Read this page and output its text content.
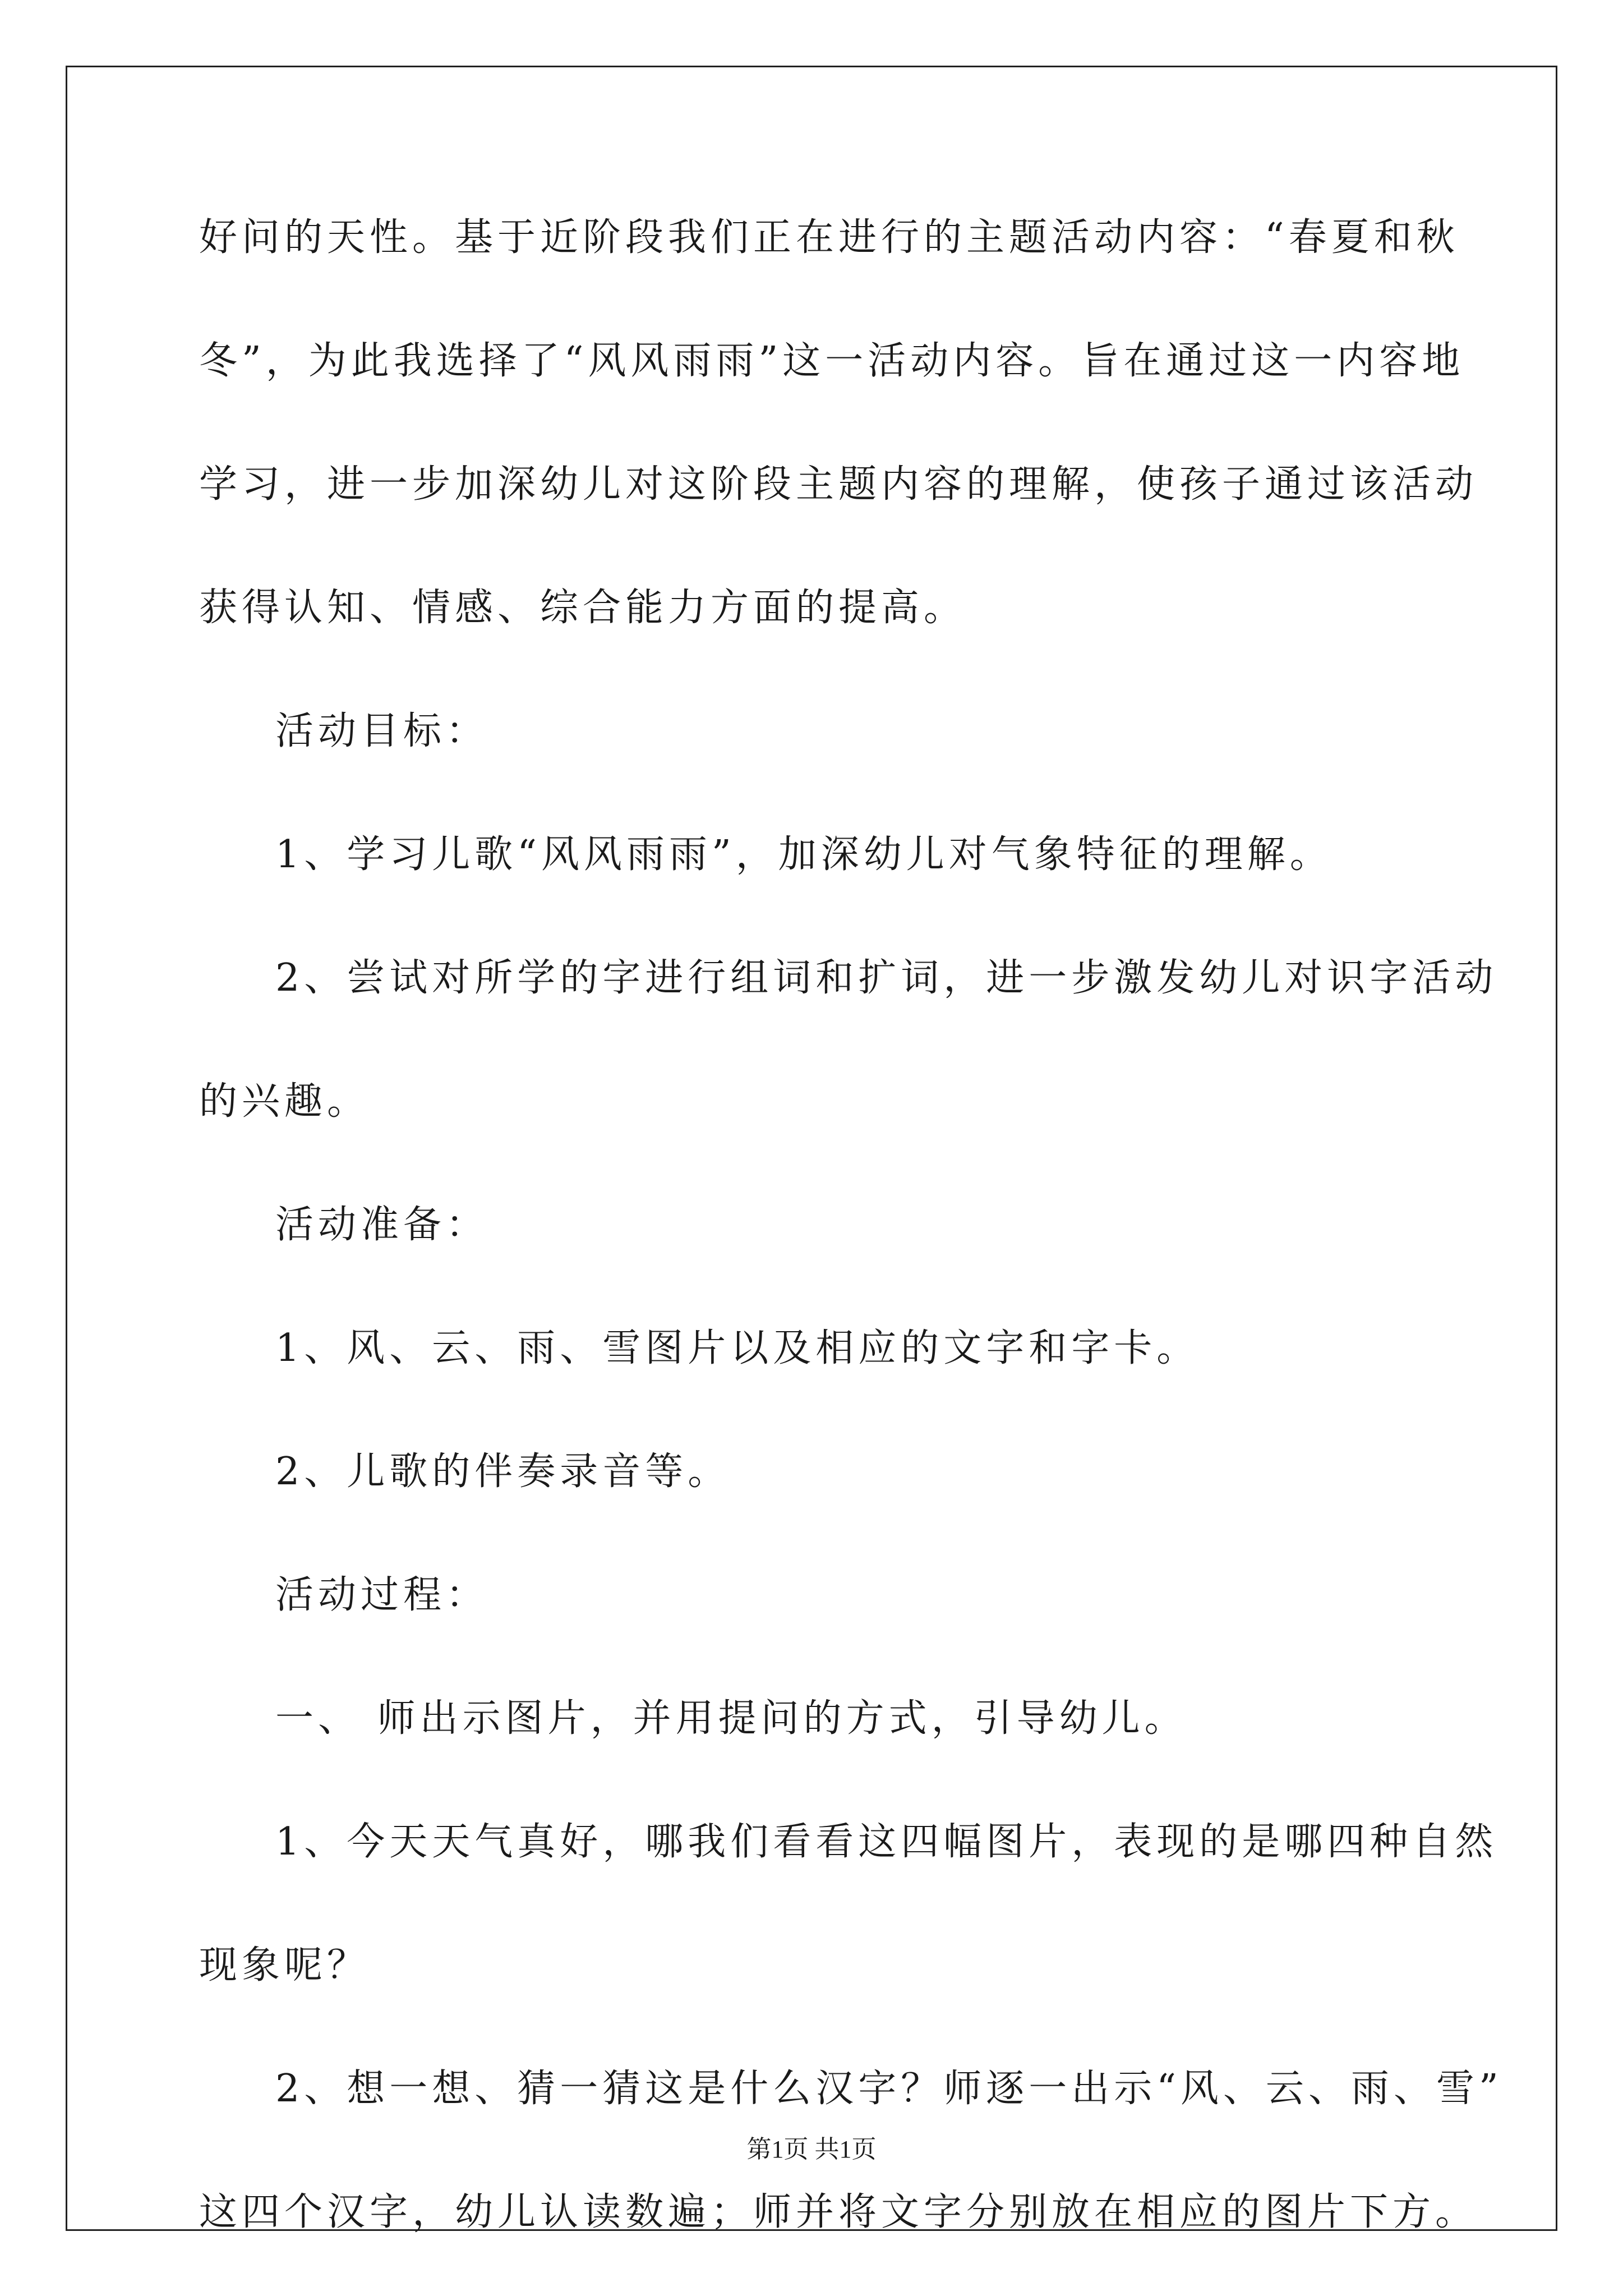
好问的天性。基于近阶段我们正在进行的主题活动内容：“春夏和秋
冬”，为此我选择了“风风雨雨”这一活动内容。旨在通过这一内容地
学习，进一步加深幼儿对这阶段主题内容的理解，使孩子通过该活动
获得认知、情感、综合能力方面的提高。
活动目标：
1、学习儿歌“风风雨雨”，加深幼儿对气象特征的理解。
2、尝试对所学的字进行组词和扩词，进一步激发幼儿对识字活动
的兴趣。
活动准备：
1、风、云、雨、雪图片以及相应的文字和字卡。
2、儿歌的伴奏录音等。
活动过程：
一、 师出示图片，并用提问的方式，引导幼儿。
1、今天天气真好，哪我们看看这四幅图片，表现的是哪四种自然
现象呢？
2、想一想、猜一猜这是什么汉字？师逐一出示“风、云、雨、雪”
这四个汉字，幼儿认读数遍；师并将文字分别放在相应的图片下方。
第1页 共1页
